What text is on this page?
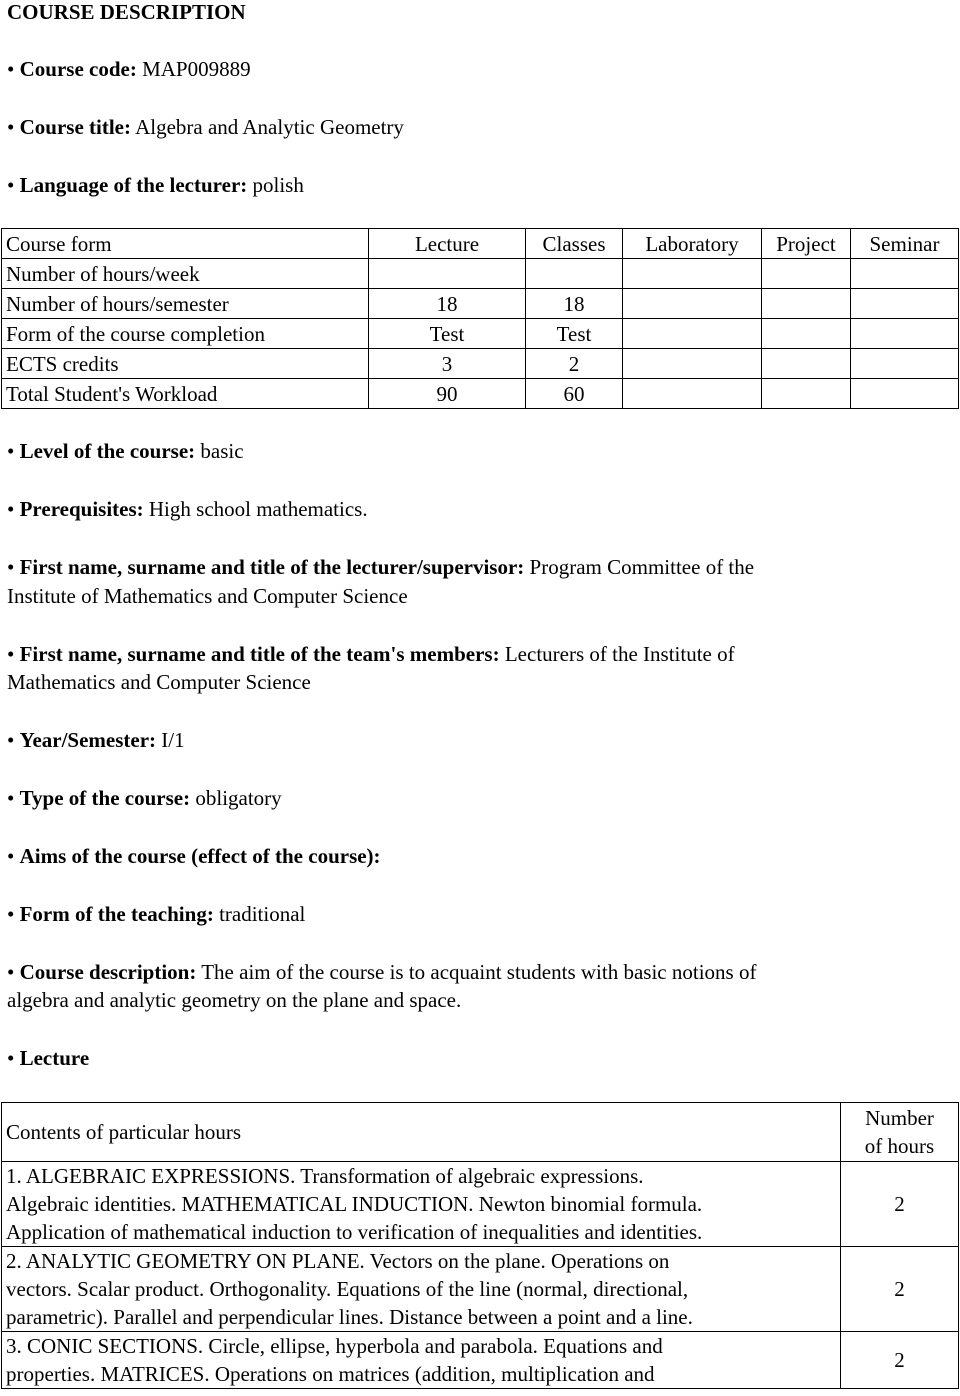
COURSE DESCRIPTION
• Course code: MAP009889
• Course title: Algebra and Analytic Geometry
• Language of the lecturer: polish
Course form	Lecture	Classes	Laboratory	Project	Seminar
Number of hours/week					
Number of hours/semester	18	18			
Form of the course completion	Test	Test			
ECTS credits	3	2			
Total Student's Workload	90	60			
• Level of the course: basic
• Prerequisites: High school mathematics.
• First name, surname and title of the lecturer/supervisor: Program Committee of the
Institute of Mathematics and Computer Science
• First name, surname and title of the team's members: Lecturers of the Institute of
Mathematics and Computer Science
• Year/Semester: I/1
• Type of the course: obligatory
• Aims of the course (effect of the course):
• Form of the teaching: traditional
• Course description: The aim of the course is to acquaint students with basic notions of
algebra and analytic geometry on the plane and space.
• Lecture
Contents of particular hours	Number
of hours

1. ALGEBRAIC EXPRESSIONS. Transformation of algebraic expressions.
Algebraic identities. MATHEMATICAL INDUCTION. Newton binomial formula.
Application of mathematical induction to verification of inequalities and identities.	2

2. ANALYTIC GEOMETRY ON PLANE. Vectors on the plane. Operations on
vectors. Scalar product. Orthogonality. Equations of the line (normal, directional,
parametric). Parallel and perpendicular lines. Distance between a point and a line.	2

3. CONIC SECTIONS. Circle, ellipse, hyperbola and parabola. Equations and
properties. MATRICES. Operations on matrices (addition, multiplication and	2
